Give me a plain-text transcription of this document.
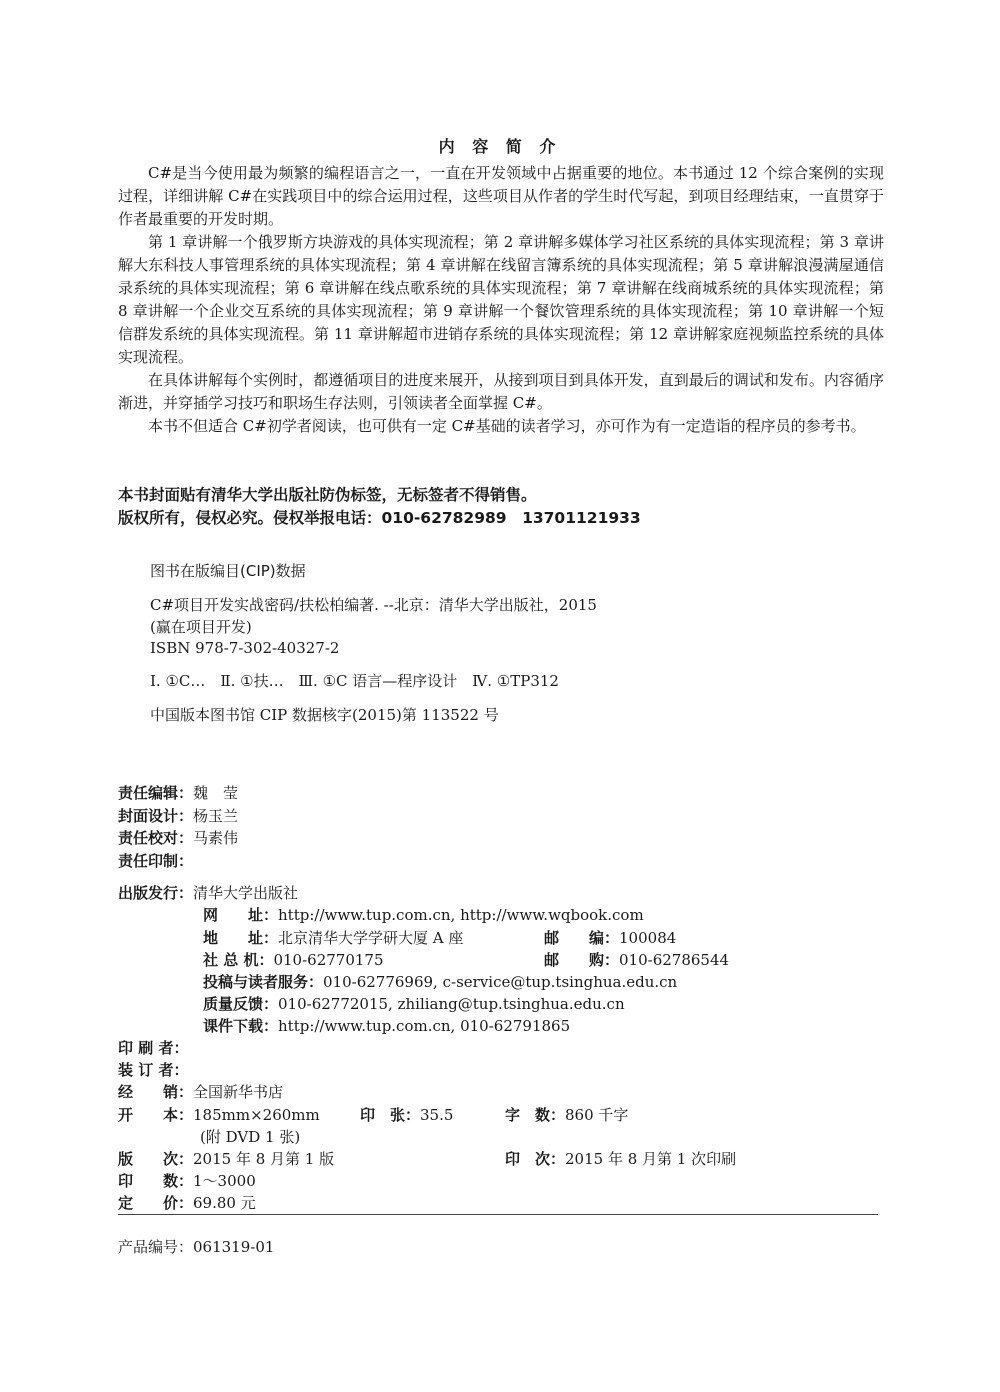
内 容 简 介

C#是当今使用最为频繁的编程语言之一，一直在开发领域中占据重要的地位。本书通过 12 个综合案例的实现过程，详细讲解 C#在实践项目中的综合运用过程，这些项目从作者的学生时代写起，到项目经理结束，一直贯穿于作者最重要的开发时期。

第 1 章讲解一个俄罗斯方块游戏的具体实现流程；第 2 章讲解多媒体学习社区系统的具体实现流程；第 3 章讲解大东科技人事管理系统的具体实现流程；第 4 章讲解在线留言簿系统的具体实现流程；第 5 章讲解浪漫满屋通信录系统的具体实现流程；第 6 章讲解在线点歌系统的具体实现流程；第 7 章讲解在线商城系统的具体实现流程；第 8 章讲解一个企业交互系统的具体实现流程；第 9 章讲解一个餐饮管理系统的具体实现流程；第 10 章讲解一个短信群发系统的具体实现流程。第 11 章讲解超市进销存系统的具体实现流程；第 12 章讲解家庭视频监控系统的具体实现流程。

在具体讲解每个实例时，都遵循项目的进度来展开，从接到项目到具体开发，直到最后的调试和发布。内容循序渐进，并穿插学习技巧和职场生存法则，引领读者全面掌握 C#。

本书不但适合 C#初学者阅读，也可供有一定 C#基础的读者学习，亦可作为有一定造诣的程序员的参考书。

本书封面贴有清华大学出版社防伪标签，无标签者不得销售。
版权所有，侵权必究。侵权举报电话：010-62782989　13701121933
图书在版编目(CIP)数据
C#项目开发实战密码/扶松柏编著. --北京：清华大学出版社，2015
(赢在项目开发)
ISBN 978-7-302-40327-2
Ⅰ. ①C…　Ⅱ. ①扶…　Ⅲ. ①C 语言—程序设计　Ⅳ. ①TP312
中国版本图书馆 CIP 数据核字(2015)第 113522 号
责任编辑：魏　莹
封面设计：杨玉兰
责任校对：马素伟
责任印制：
出版发行：清华大学出版社
网　　址：http://www.tup.com.cn, http://www.wqbook.com
地　　址：北京清华大学学研大厦 A 座	邮　　编：100084
社 总 机：010-62770175	邮　　购：010-62786544
投稿与读者服务：010-62776969, c-service@tup.tsinghua.edu.cn
质量反馈：010-62772015, zhiliang@tup.tsinghua.edu.cn
课件下载：http://www.tup.com.cn, 010-62791865
印 刷 者：
装 订 者：
经　　销：全国新华书店
开　　本：185mm×260mm	印　张：35.5	字　数：860 千字
(附 DVD 1 张)
版　　次：2015 年 8 月第 1 版	印　次：2015 年 8 月第 1 次印刷
印　　数：1～3000
定　　价：69.80 元
产品编号：061319-01
